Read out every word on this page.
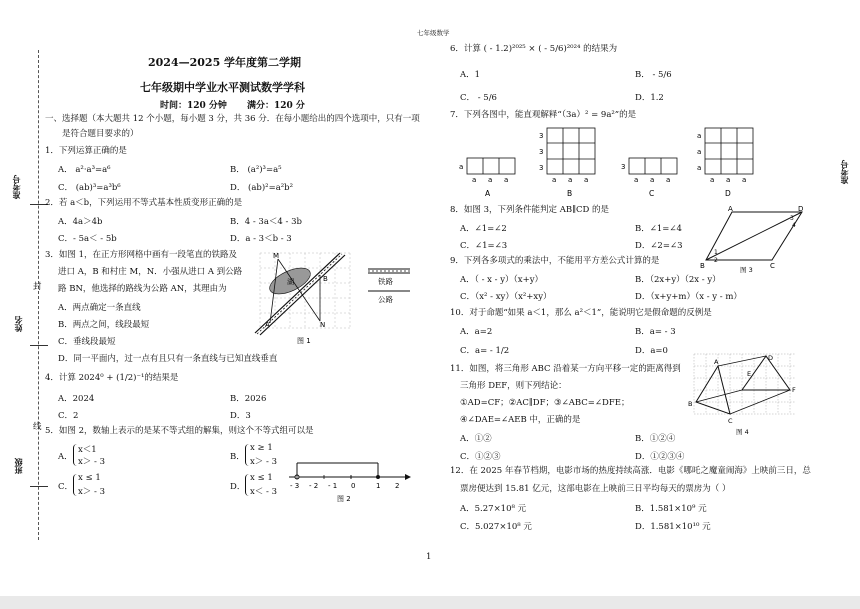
七年级数学
准考号
姓名
班级
封
线
准考号
2024—2025 学年度第二学期
七年级期中学业水平测试数学学科
时间：120 分钟 满分：120 分
一、选择题（本大题共 12 个小题，每小题 3 分，共 36 分．在每小题给出的四个选项中，只有一项
是符合题目要求的）
1．下列运算正确的是
A． a²·a³=a⁶	B． (a²)³=a⁵
C． (ab)³=a³b⁶	D． (ab)²=a²b²
2．若 a＜b，下列运用不等式基本性质变形正确的是
A．4a＞4b	B．4 - 3a＜4 - 3b
C．- 5a＜ - 5b	D．a - 3＜b - 3
3．如图 1，在正方形网格中画有一段笔直的铁路及
进口 A，B 和村庄 M，N．小强从进口 A 到公路
路 BN，他选择的路线为公路 AN，其理由为
A．两点确定一条直线
B．两点之间，线段最短
C．垂线段最短
D．同一平面内，过一点有且只有一条直线与已知直线垂直
M
B
A	N
湖
图 1
铁路
公路
4．计算 2024⁰ + (1/2)⁻¹的结果是
A．2024	B．2026
C．2	D．3
5．如图 2，数轴上表示的是某不等式组的解集，则这个不等式组可以是
A．
x＜1
x＞ - 3	B．
x ≥ 1
x＞ - 3
C．
x ≤ 1
x＞ - 3	D．
x ≤ 1
x＜ - 3
- 3 - 2 - 1 0	1 2
图 2
6．计算 ( - 1.2)²⁰²⁵ × ( - 5/6)²⁰²⁴ 的结果为
A．1	B． - 5/6
C． - 5/6	D．1.2
7．下列各图中，能直观解释“（3a）² = 9a²”的是
a
a a a
A
3
3
3
a a a
B
3
a a a
C
a
a
a
a a a
D
8．如图 3，下列条件能判定 AB∥CD 的是
A．∠1=∠2	B．∠1=∠4
C．∠1=∠3	D．∠2=∠3
A	D
B	C
1
2
3
4
图 3
9．下列各多项式的乘法中，不能用平方差公式计算的是
A．（ - x - y）（x+y）	B．（2x+y）（2x - y）
C．（x² - xy）（x²+xy）	D．（x+y+m）（x - y - m）
10．对于命题“如果 a＜1，那么 a²＜1”，能说明它是假命题的反例是
A．a=2	B．a= - 3
C．a= - 1/2	D．a=0
11．如图，将三角形 ABC 沿着某一方向平移一定的距离得到
三角形 DEF，则下列结论：
①AD=CF；②AC∥DF；③∠ABC=∠DFE；
④∠DAE=∠AEB 中，正确的是
A．①②	B．①②④
C．①②③	D．①②③④
A
B
C
D
E
F
图 4
12．在 2025 年春节档期，电影市场的热度持续高涨．电影《哪吒之魔童闹海》上映前三日，总
票房便达到 15.81 亿元，这部电影在上映前三日平均每天的票房为（ ）
A．5.27×10⁸ 元	B．1.581×10⁹ 元
C．5.027×10⁸ 元	D．1.581×10¹⁰ 元
1
